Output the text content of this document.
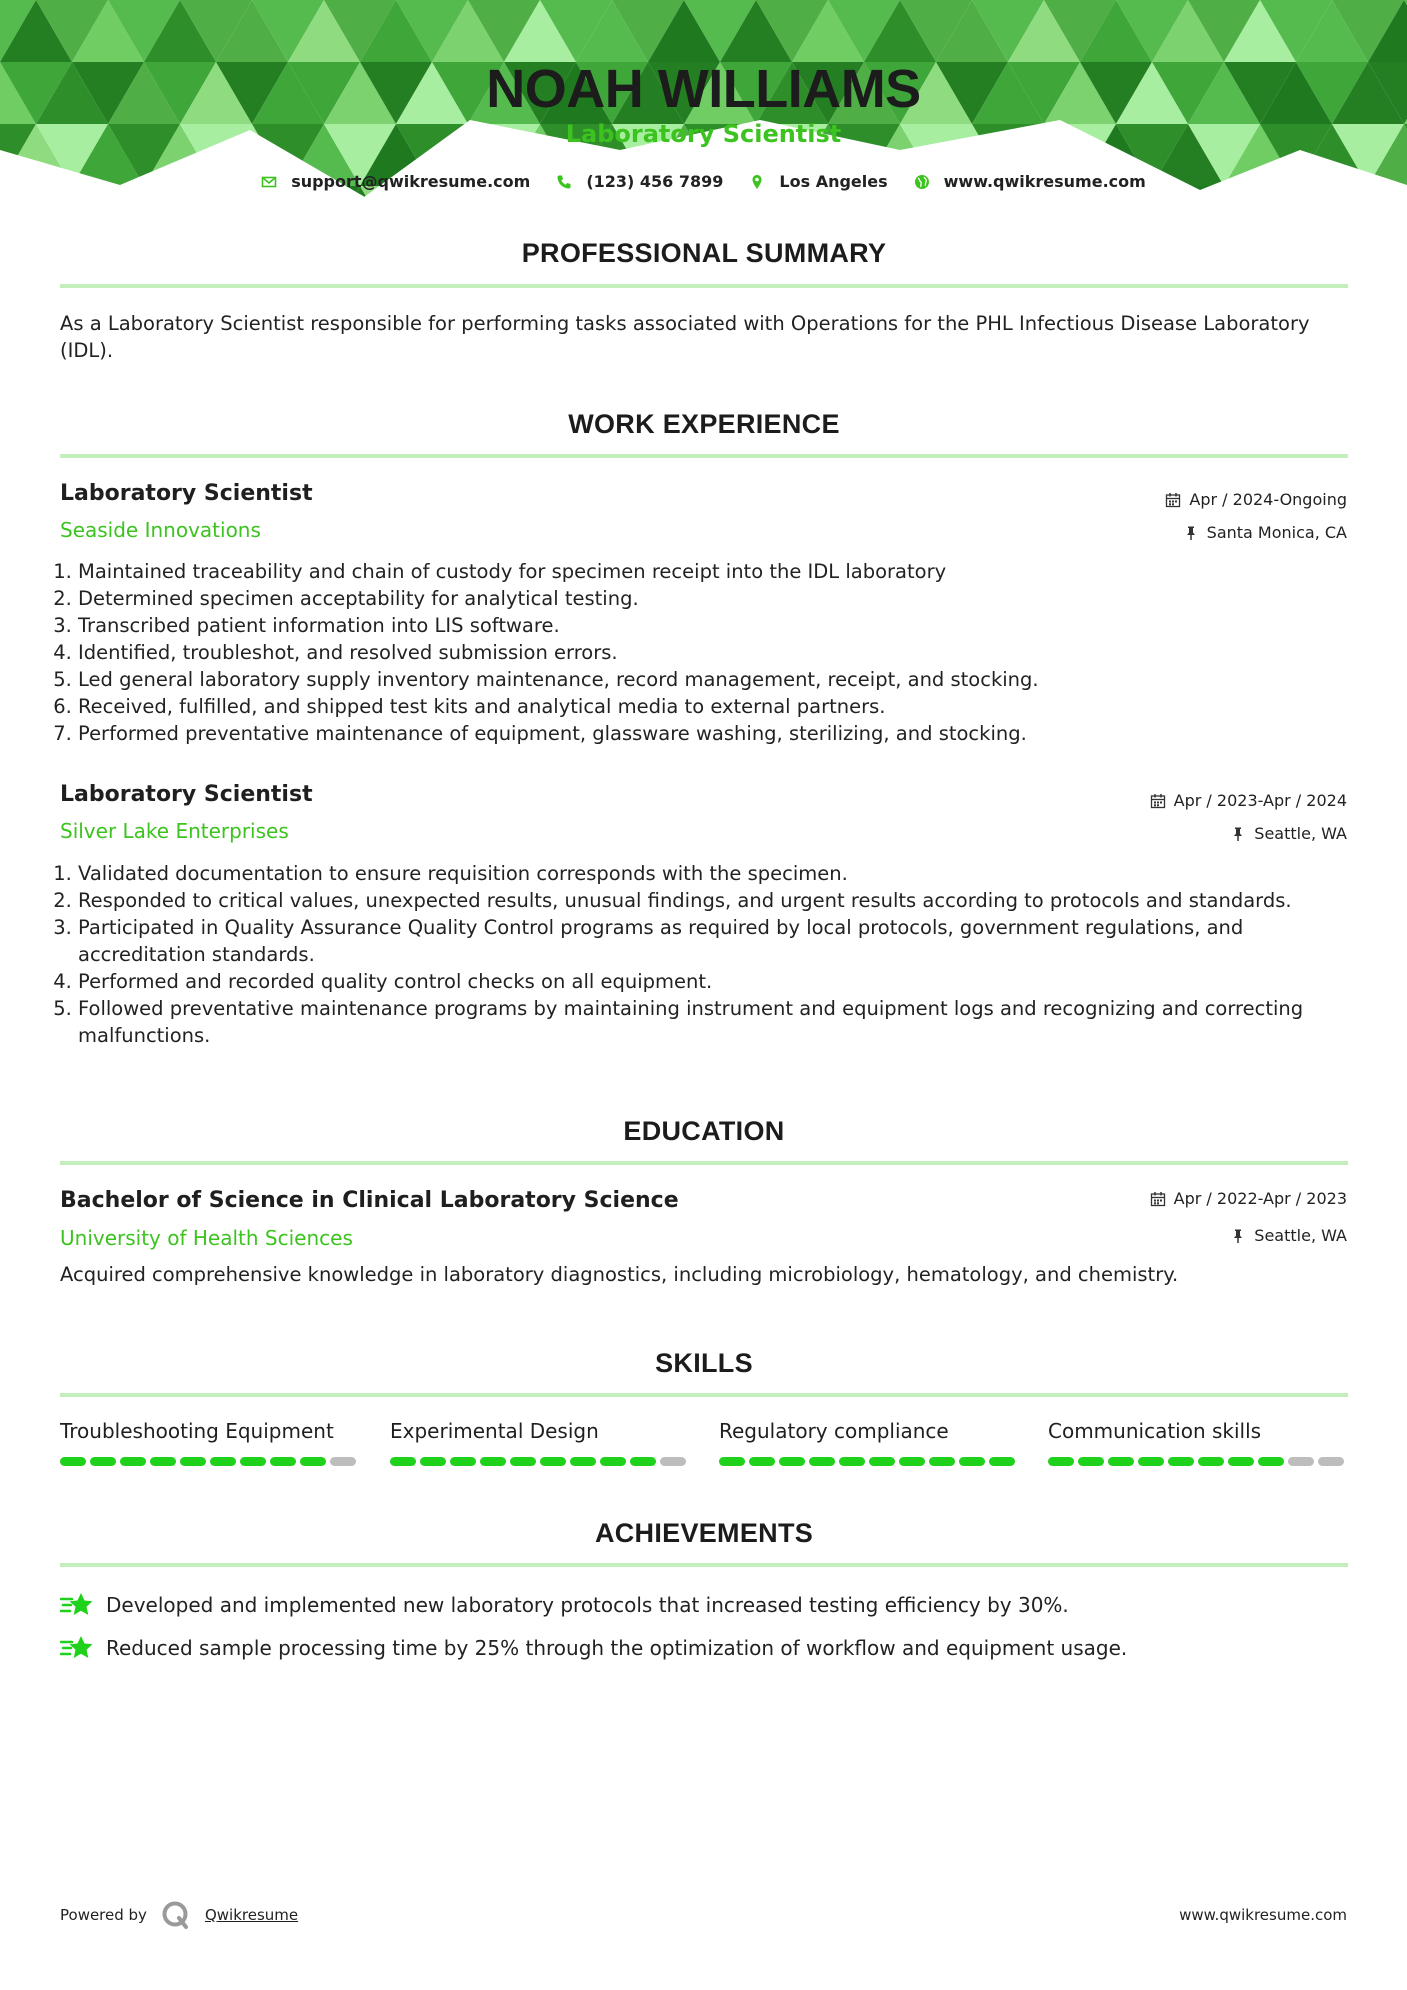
NOAH WILLIAMS
Laboratory Scientist
support@qwikresume.com	(123) 456 7899	Los Angeles	www.qwikresume.com
PROFESSIONAL SUMMARY
As a Laboratory Scientist responsible for performing tasks associated with Operations for the PHL Infectious Disease Laboratory (IDL).
WORK EXPERIENCE
Laboratory Scientist
Seaside Innovations
Apr / 2024-Ongoing
Santa Monica, CA
1. Maintained traceability and chain of custody for specimen receipt into the IDL laboratory
2. Determined specimen acceptability for analytical testing.
3. Transcribed patient information into LIS software.
4. Identified, troubleshot, and resolved submission errors.
5. Led general laboratory supply inventory maintenance, record management, receipt, and stocking.
6. Received, fulfilled, and shipped test kits and analytical media to external partners.
7. Performed preventative maintenance of equipment, glassware washing, sterilizing, and stocking.
Laboratory Scientist
Silver Lake Enterprises
Apr / 2023-Apr / 2024
Seattle, WA
1. Validated documentation to ensure requisition corresponds with the specimen.
2. Responded to critical values, unexpected results, unusual findings, and urgent results according to protocols and standards.
3. Participated in Quality Assurance Quality Control programs as required by local protocols, government regulations, and accreditation standards.
4. Performed and recorded quality control checks on all equipment.
5. Followed preventative maintenance programs by maintaining instrument and equipment logs and recognizing and correcting malfunctions.
EDUCATION
Bachelor of Science in Clinical Laboratory Science
University of Health Sciences
Apr / 2022-Apr / 2023
Seattle, WA
Acquired comprehensive knowledge in laboratory diagnostics, including microbiology, hematology, and chemistry.
SKILLS
Troubleshooting Equipment	Experimental Design	Regulatory compliance	Communication skills
ACHIEVEMENTS
Developed and implemented new laboratory protocols that increased testing efficiency by 30%.
Reduced sample processing time by 25% through the optimization of workflow and equipment usage.
Powered by	Qwikresume	www.qwikresume.com
